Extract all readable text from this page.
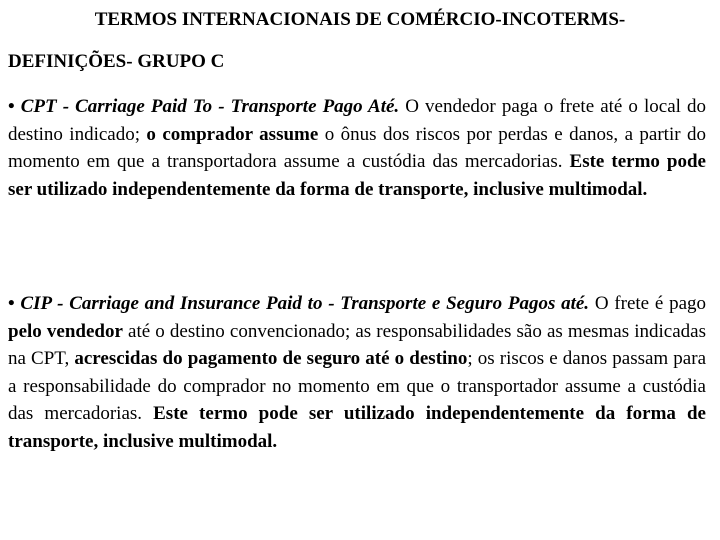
TERMOS INTERNACIONAIS DE COMÉRCIO-INCOTERMS-
DEFINIÇÕES- GRUPO C
• CPT - Carriage Paid To - Transporte Pago Até. O vendedor paga o frete até o local do destino indicado; o comprador assume o ônus dos riscos por perdas e danos, a partir do momento em que a transportadora assume a custódia das mercadorias. Este termo pode ser utilizado independentemente da forma de transporte, inclusive multimodal.
• CIP - Carriage and Insurance Paid to - Transporte e Seguro Pagos até. O frete é pago pelo vendedor até o destino convencionado; as responsabilidades são as mesmas indicadas na CPT, acrescidas do pagamento de seguro até o destino; os riscos e danos passam para a responsabilidade do comprador no momento em que o transportador assume a custódia das mercadorias. Este termo pode ser utilizado independentemente da forma de transporte, inclusive multimodal.
